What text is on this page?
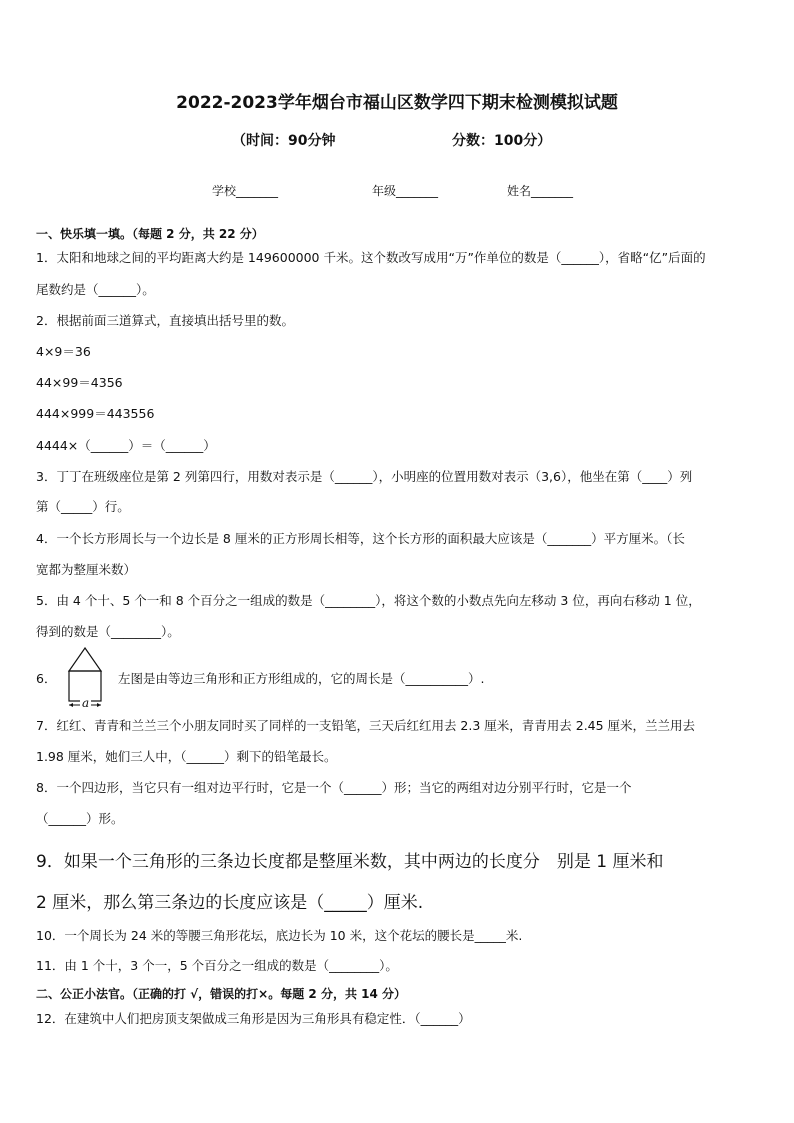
2022-2023学年烟台市福山区数学四下期末检测模拟试题
（时间：90分钟	分数：100分）
学校_______	年级_______	姓名_______
一、快乐填一填。（每题 2 分，共 22 分）
1．太阳和地球之间的平均距离大约是 149600000 千米。这个数改写成用“万”作单位的数是（______），省略“亿”后面的
尾数约是（______）。
2．根据前面三道算式，直接填出括号里的数。
4×9＝36
44×99＝4356
444×999＝443556
4444×（______）＝（______）
3．丁丁在班级座位是第 2 列第四行，用数对表示是（______），小明座的位置用数对表示（3,6），他坐在第（____）列
第（_____）行。
4．一个长方形周长与一个边长是 8 厘米的正方形周长相等，这个长方形的面积最大应该是（_______）平方厘米。（长
宽都为整厘米数）
5．由 4 个十、5 个一和 8 个百分之一组成的数是（________），将这个数的小数点先向左移动 3 位，再向右移动 1 位，
得到的数是（________）。
6．
a
左图是由等边三角形和正方形组成的，它的周长是（__________）.
7．红红、青青和兰兰三个小朋友同时买了同样的一支铅笔，三天后红红用去 2.3 厘米，青青用去 2.45 厘米，兰兰用去
1.98 厘米，她们三人中，（______）剩下的铅笔最长。
8．一个四边形，当它只有一组对边平行时，它是一个（______）形；当它的两组对边分别平行时，它是一个
（______）形。
9．如果一个三角形的三条边长度都是整厘米数，其中两边的长度分　别是 1 厘米和
2 厘米，那么第三条边的长度应该是（_____）厘米.
10．一个周长为 24 米的等腰三角形花坛，底边长为 10 米，这个花坛的腰长是_____米.
11．由 1 个十，3 个一，5 个百分之一组成的数是（________）。
二、公正小法官。（正确的打 √，错误的打×。每题 2 分，共 14 分）
12．在建筑中人们把房顶支架做成三角形是因为三角形具有稳定性．（______）
